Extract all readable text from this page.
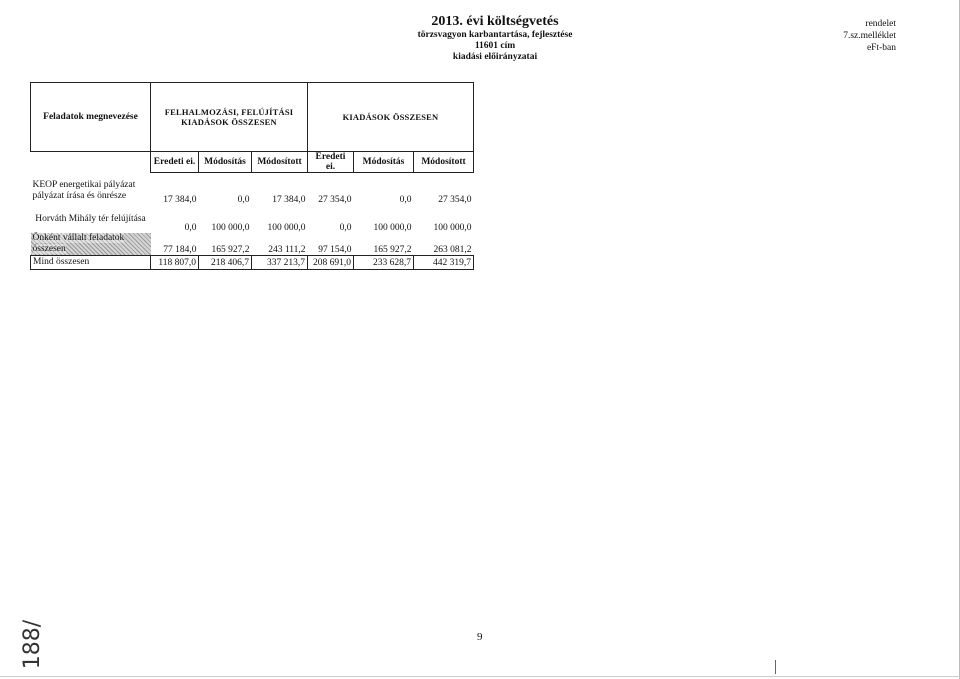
2013. évi költségvetés
törzsvagyon karbantartása, fejlesztése
11601 cím
kiadási előirányzatai
rendelet
7.sz.melléklet
eFt-ban
Feladatok megnevezése	FELHALMOZÁSI, FELÚJÍTÁSI KIADÁSOK ÖSSZESEN			KIADÁSOK ÖSSZESEN		
	Eredeti ei.	Módosítás	Módosított	Eredeti ei.	Módosítás	Módosított

KEOP energetikai pályázat pályázat írása és önrésze	17 384,0	0,0	17 384,0	27 354,0	0,0	27 354,0
Horváth Mihály tér felújítása	0,0	100 000,0	100 000,0	0,0	100 000,0	100 000,0
Önként vállalt feladatok összesen	77 184,0	165 927,2	243 111,2	97 154,0	165 927,2	263 081,2
Mind összesen	118 807,0	218 406,7	337 213,7	208 691,0	233 628,7	442 319,7
9
188/
